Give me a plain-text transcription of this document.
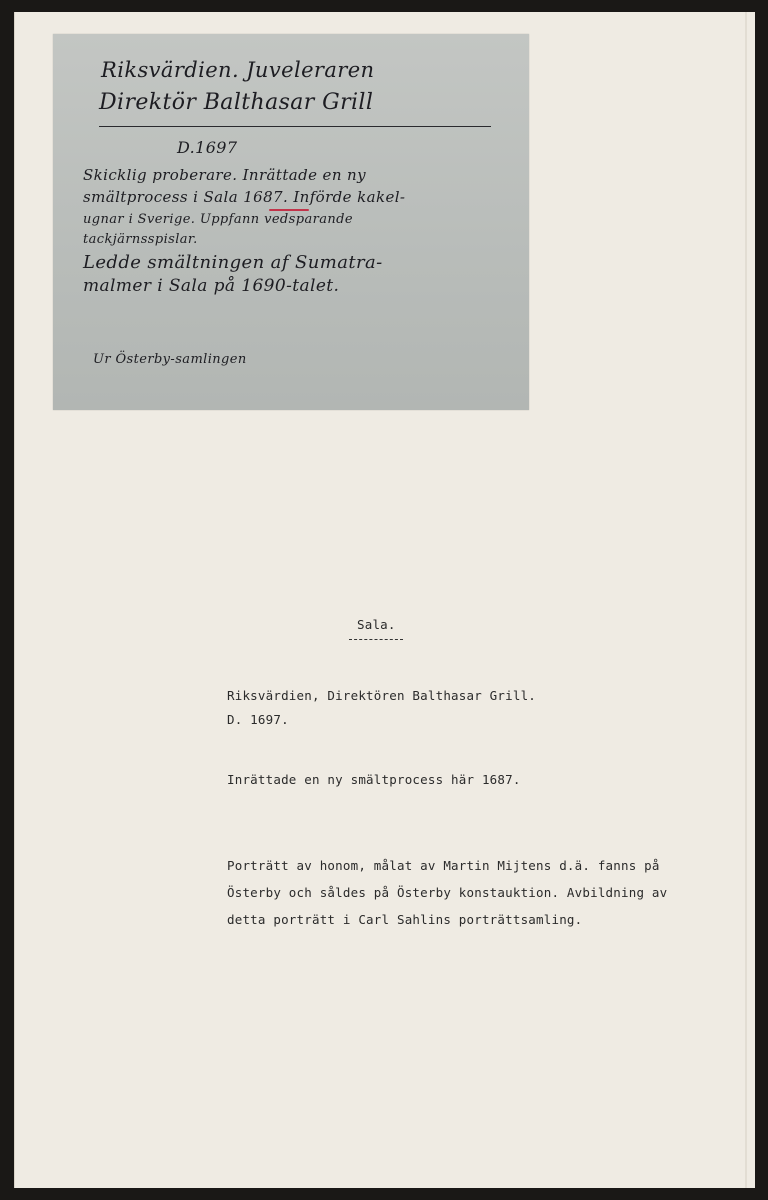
Riksvärdien. Juveleraren

Direktör Balthasar Grill

D.1697

Skicklig proberare. Inrättade en ny

smältprocess i Sala 1687. Införde kakel-

ugnar i Sverige. Uppfann vedsparande

tackjärnsspislar.

Ledde smältningen af Sumatra-

malmer i Sala på 1690-talet.

Ur Österby-samlingen

Sala.

Riksvärdien, Direktören Balthasar Grill.

D. 1697.

Inrättade en ny smältprocess här 1687.

Porträtt av honom, målat av Martin Mijtens d.ä. fanns på

Österby och såldes på Österby konstauktion. Avbildning av

detta porträtt i Carl Sahlins porträttsamling.
